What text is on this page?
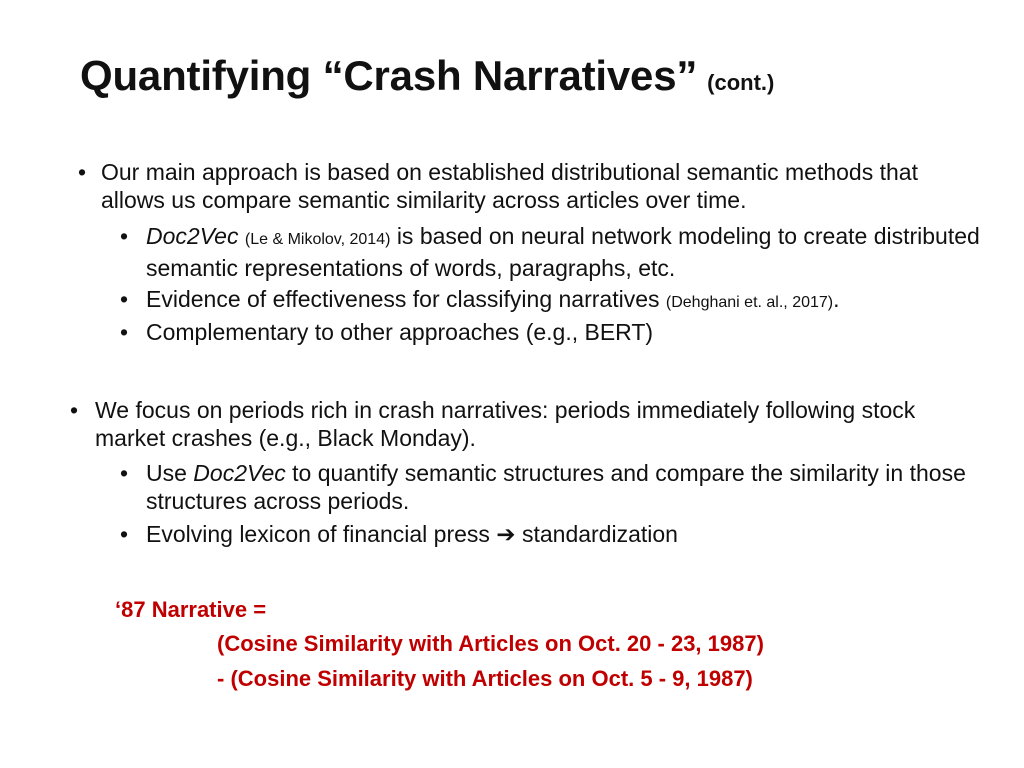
Quantifying “Crash Narratives” (cont.)
• Our main approach is based on established distributional semantic methods that allows us compare semantic similarity across articles over time.
• Doc2Vec (Le & Mikolov, 2014) is based on neural network modeling to create distributed semantic representations of words, paragraphs, etc.
• Evidence of effectiveness for classifying narratives (Dehghani et. al., 2017).
• Complementary to other approaches (e.g., BERT)
• We focus on periods rich in crash narratives: periods immediately following stock market crashes (e.g., Black Monday).
• Use Doc2Vec to quantify semantic structures and compare the similarity in those structures across periods.
• Evolving lexicon of financial press ➔ standardization
‘87 Narrative =
(Cosine Similarity with Articles on Oct. 20 - 23, 1987)
- (Cosine Similarity with Articles on Oct. 5 - 9, 1987)
